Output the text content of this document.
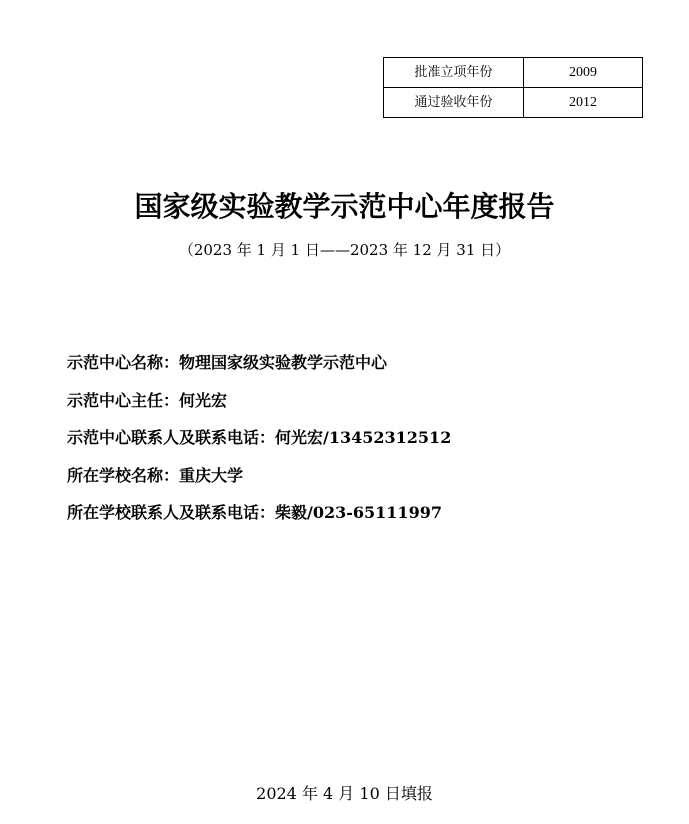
批准立项年份	2009
通过验收年份	2012
国家级实验教学示范中心年度报告
（2023 年 1 月 1 日——2023 年 12 月 31 日）
示范中心名称：物理国家级实验教学示范中心
示范中心主任：何光宏
示范中心联系人及联系电话：何光宏/13452312512
所在学校名称：重庆大学
所在学校联系人及联系电话：柴毅/023-65111997
2024 年 4 月 10 日填报
